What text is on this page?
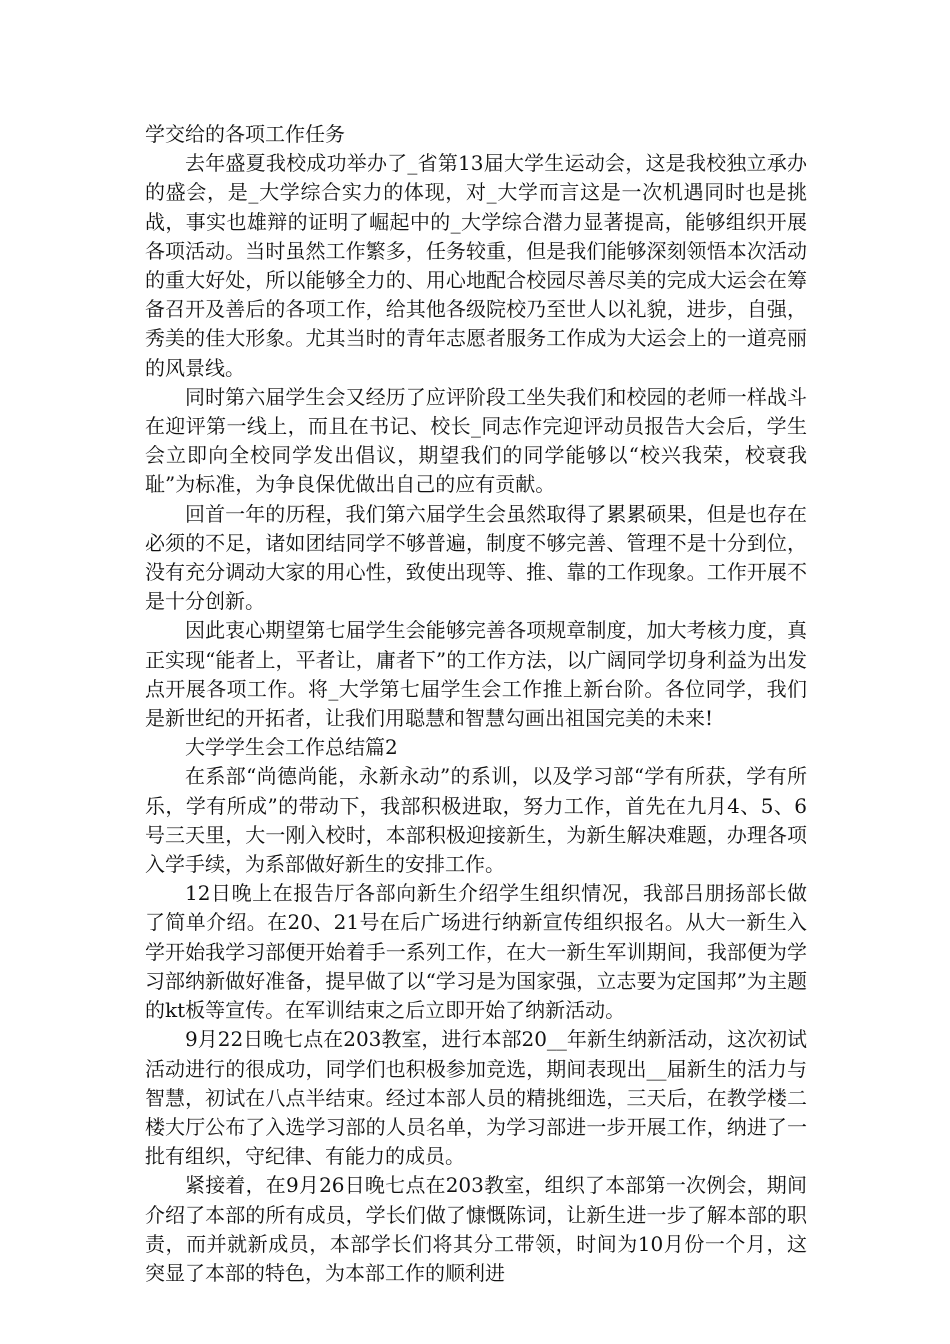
学交给的各项工作任务

去年盛夏我校成功举办了_省第13届大学生运动会，这是我校独立承办的盛会，是_大学综合实力的体现，对_大学而言这是一次机遇同时也是挑战，事实也雄辩的证明了崛起中的_大学综合潜力显著提高，能够组织开展各项活动。当时虽然工作繁多，任务较重，但是我们能够深刻领悟本次活动的重大好处，所以能够全力的、用心地配合校园尽善尽美的完成大运会在筹备召开及善后的各项工作，给其他各级院校乃至世人以礼貌，进步，自强，秀美的佳大形象。尤其当时的青年志愿者服务工作成为大运会上的一道亮丽的风景线。

同时第六届学生会又经历了应评阶段工坐失我们和校园的老师一样战斗在迎评第一线上，而且在书记、校长_同志作完迎评动员报告大会后，学生会立即向全校同学发出倡议，期望我们的同学能够以“校兴我荣，校衰我耻”为标准，为争良保优做出自己的应有贡献。

回首一年的历程，我们第六届学生会虽然取得了累累硕果，但是也存在必须的不足，诸如团结同学不够普遍，制度不够完善、管理不是十分到位，没有充分调动大家的用心性，致使出现等、推、靠的工作现象。工作开展不是十分创新。

因此衷心期望第七届学生会能够完善各项规章制度，加大考核力度，真正实现“能者上，平者让，庸者下”的工作方法，以广阔同学切身利益为出发点开展各项工作。将_大学第七届学生会工作推上新台阶。各位同学，我们是新世纪的开拓者，让我们用聪慧和智慧勾画出祖国完美的未来!

大学学生会工作总结篇2

在系部“尚德尚能，永新永动”的系训，以及学习部“学有所获，学有所乐，学有所成”的带动下，我部积极进取，努力工作，首先在九月4、5、6号三天里，大一刚入校时，本部积极迎接新生，为新生解决难题，办理各项入学手续，为系部做好新生的安排工作。

12日晚上在报告厅各部向新生介绍学生组织情况，我部吕朋扬部长做了简单介绍。在20、21号在后广场进行纳新宣传组织报名。从大一新生入学开始我学习部便开始着手一系列工作，在大一新生军训期间，我部便为学习部纳新做好准备，提早做了以“学习是为国家强，立志要为定国邦”为主题的kt板等宣传。在军训结束之后立即开始了纳新活动。

9月22日晚七点在203教室，进行本部20__年新生纳新活动，这次初试活动进行的很成功，同学们也积极参加竞选，期间表现出__届新生的活力与智慧，初试在八点半结束。经过本部人员的精挑细选，三天后，在教学楼二楼大厅公布了入选学习部的人员名单，为学习部进一步开展工作，纳进了一批有组织，守纪律、有能力的成员。

紧接着，在9月26日晚七点在203教室，组织了本部第一次例会，期间介绍了本部的所有成员，学长们做了慷慨陈词，让新生进一步了解本部的职责，而并就新成员，本部学长们将其分工带领，时间为10月份一个月，这突显了本部的特色，为本部工作的顺利进
